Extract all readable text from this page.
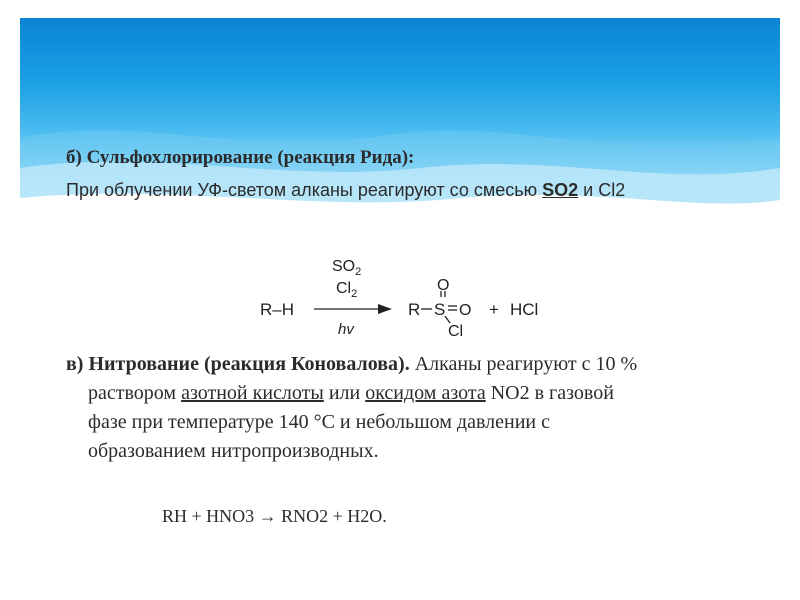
б) Сульфохлорирование (реакция Рида):
При облучении УФ-светом алканы реагируют со смесью SO2 и Cl2
R–H
$SO_2$
$Cl_2$
hv
R S
O
O
Cl
+ HCl
в) Нитрование (реакция Коновалова). Алканы реагируют с 10 %
раствором азотной кислоты или оксидом азота NO2 в газовой
фазе при температуре 140 °С и небольшом давлении с
образованием нитропроизводных.
RH + HNO3 → RNO2 + H2O.
